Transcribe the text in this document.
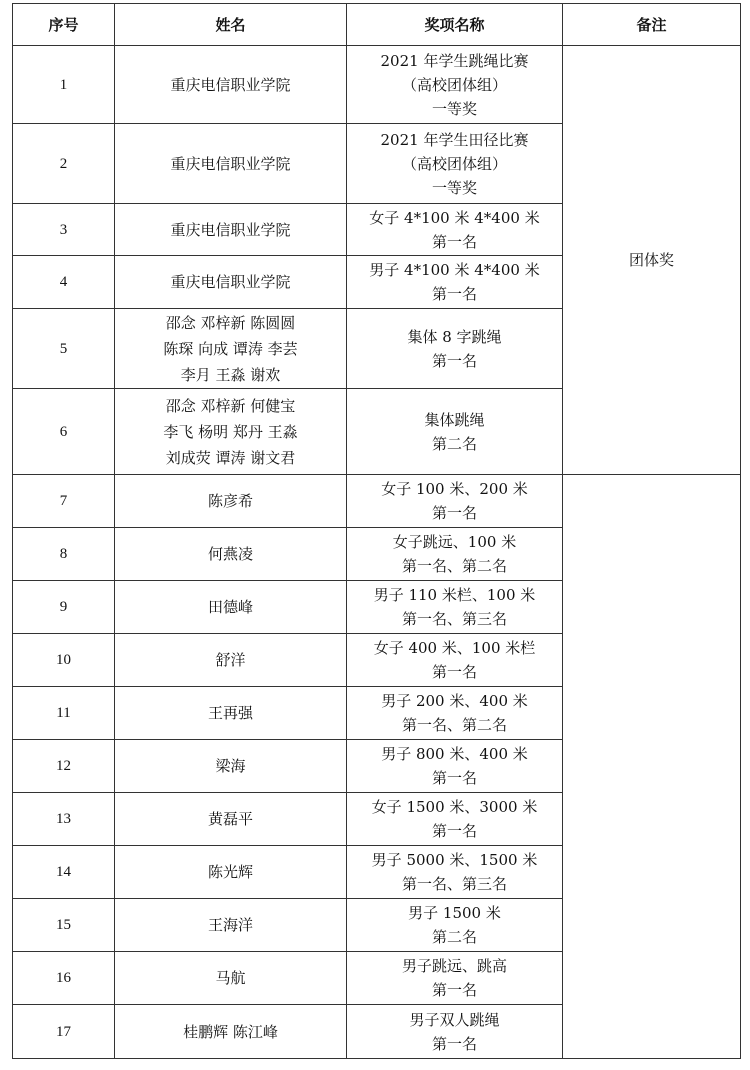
序号	姓名	奖项名称	备注
1	重庆电信职业学院	2021 年学生跳绳比赛
（高校团体组）
一等奖	团体奖
2	重庆电信职业学院	2021 年学生田径比赛
（高校团体组）
一等奖	

3	重庆电信职业学院	女子 4*100 米 4*400 米
第一名	

4	重庆电信职业学院	男子 4*100 米 4*400 米
第一名	

5	邵念 邓梓新 陈圆圆
陈琛 向成 谭涛 李芸
李月 王淼 谢欢	集体 8 字跳绳
第一名	

6	邵念 邓梓新 何健宝
李飞 杨明 郑丹 王淼
刘成荧 谭涛 谢文君	集体跳绳
第二名	

7	陈彦希	女子 100 米、200 米
第一名	

8	何燕凌	女子跳远、100 米
第一名、第二名	

9	田德峰	男子 110 米栏、100 米
第一名、第三名	

10	舒洋	女子 400 米、100 米栏
第一名	

11	王再强	男子 200 米、400 米
第一名、第二名	

12	梁海	男子 800 米、400 米
第一名	

13	黄磊平	女子 1500 米、3000 米
第一名	

14	陈光辉	男子 5000 米、1500 米
第一名、第三名	

15	王海洋	男子 1500 米
第二名	

16	马航	男子跳远、跳高
第一名	

17	桂鹏辉 陈江峰	男子双人跳绳
第一名	
